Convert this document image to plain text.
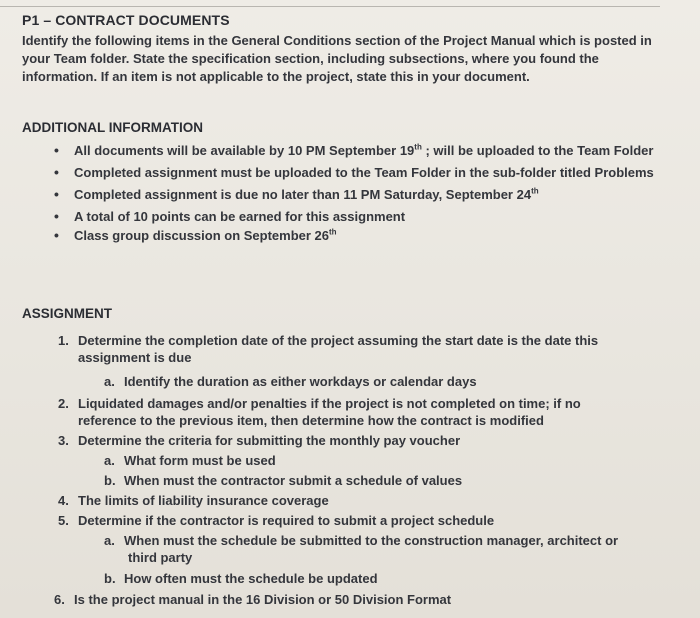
P1 – CONTRACT DOCUMENTS
Identify the following items in the General Conditions section of the Project Manual which is posted in your Team folder. State the specification section, including subsections, where you found the information. If an item is not applicable to the project, state this in your document.
ADDITIONAL INFORMATION
• All documents will be available by 10 PM September 19th ; will be uploaded to the Team Folder
• Completed assignment must be uploaded to the Team Folder in the sub-folder titled Problems
• Completed assignment is due no later than 11 PM Saturday, September 24th
• A total of 10 points can be earned for this assignment
• Class group discussion on September 26th
ASSIGNMENT
1. Determine the completion date of the project assuming the start date is the date this
assignment is due
a. Identify the duration as either workdays or calendar days
2. Liquidated damages and/or penalties if the project is not completed on time; if no
reference to the previous item, then determine how the contract is modified
3. Determine the criteria for submitting the monthly pay voucher
a. What form must be used
b. When must the contractor submit a schedule of values
4. The limits of liability insurance coverage
5. Determine if the contractor is required to submit a project schedule
a. When must the schedule be submitted to the construction manager, architect or
third party
b. How often must the schedule be updated
6. Is the project manual in the 16 Division or 50 Division Format
